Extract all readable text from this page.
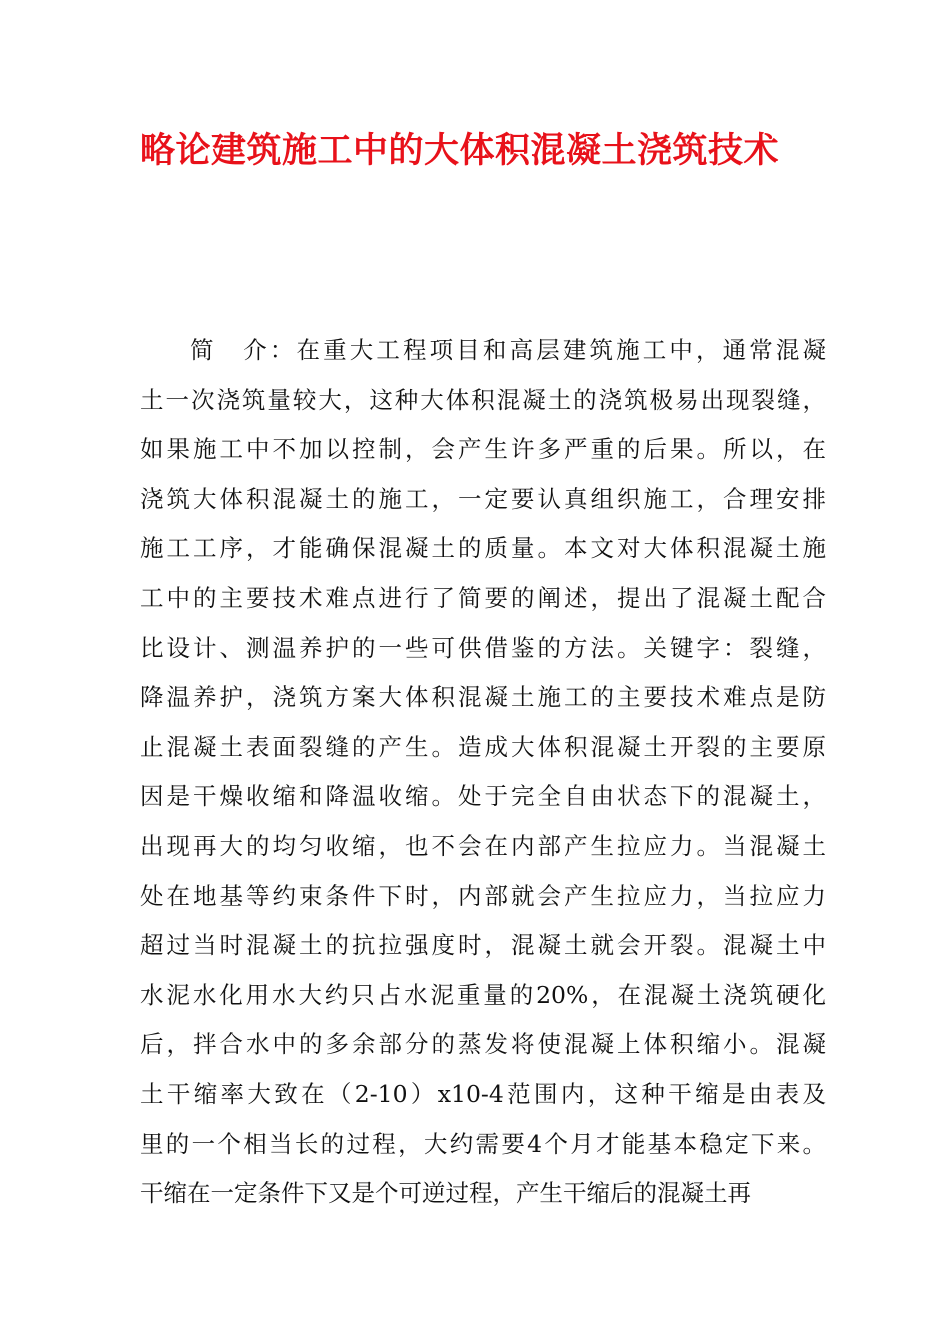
略论建筑施工中的大体积混凝土浇筑技术
简　介：在重大工程项目和高层建筑施工中，通常混凝
土一次浇筑量较大，这种大体积混凝土的浇筑极易出现裂缝，
如果施工中不加以控制，会产生许多严重的后果。所以，在
浇筑大体积混凝土的施工，一定要认真组织施工，合理安排
施工工序，才能确保混凝土的质量。本文对大体积混凝土施
工中的主要技术难点进行了简要的阐述，提出了混凝土配合
比设计、测温养护的一些可供借鉴的方法。关键字：裂缝，
降温养护，浇筑方案大体积混凝土施工的主要技术难点是防
止混凝土表面裂缝的产生。造成大体积混凝土开裂的主要原
因是干燥收缩和降温收缩。处于完全自由状态下的混凝土，
出现再大的均匀收缩，也不会在内部产生拉应力。当混凝土
处在地基等约束条件下时，内部就会产生拉应力，当拉应力
超过当时混凝土的抗拉强度时，混凝土就会开裂。混凝土中
水泥水化用水大约只占水泥重量的20%，在混凝土浇筑硬化
后，拌合水中的多余部分的蒸发将使混凝上体积缩小。混凝
土干缩率大致在（2-10）x10-4范围内，这种干缩是由表及
里的一个相当长的过程，大约需要4个月才能基本稳定下来。
干缩在一定条件下又是个可逆过程，产生干缩后的混凝土再
